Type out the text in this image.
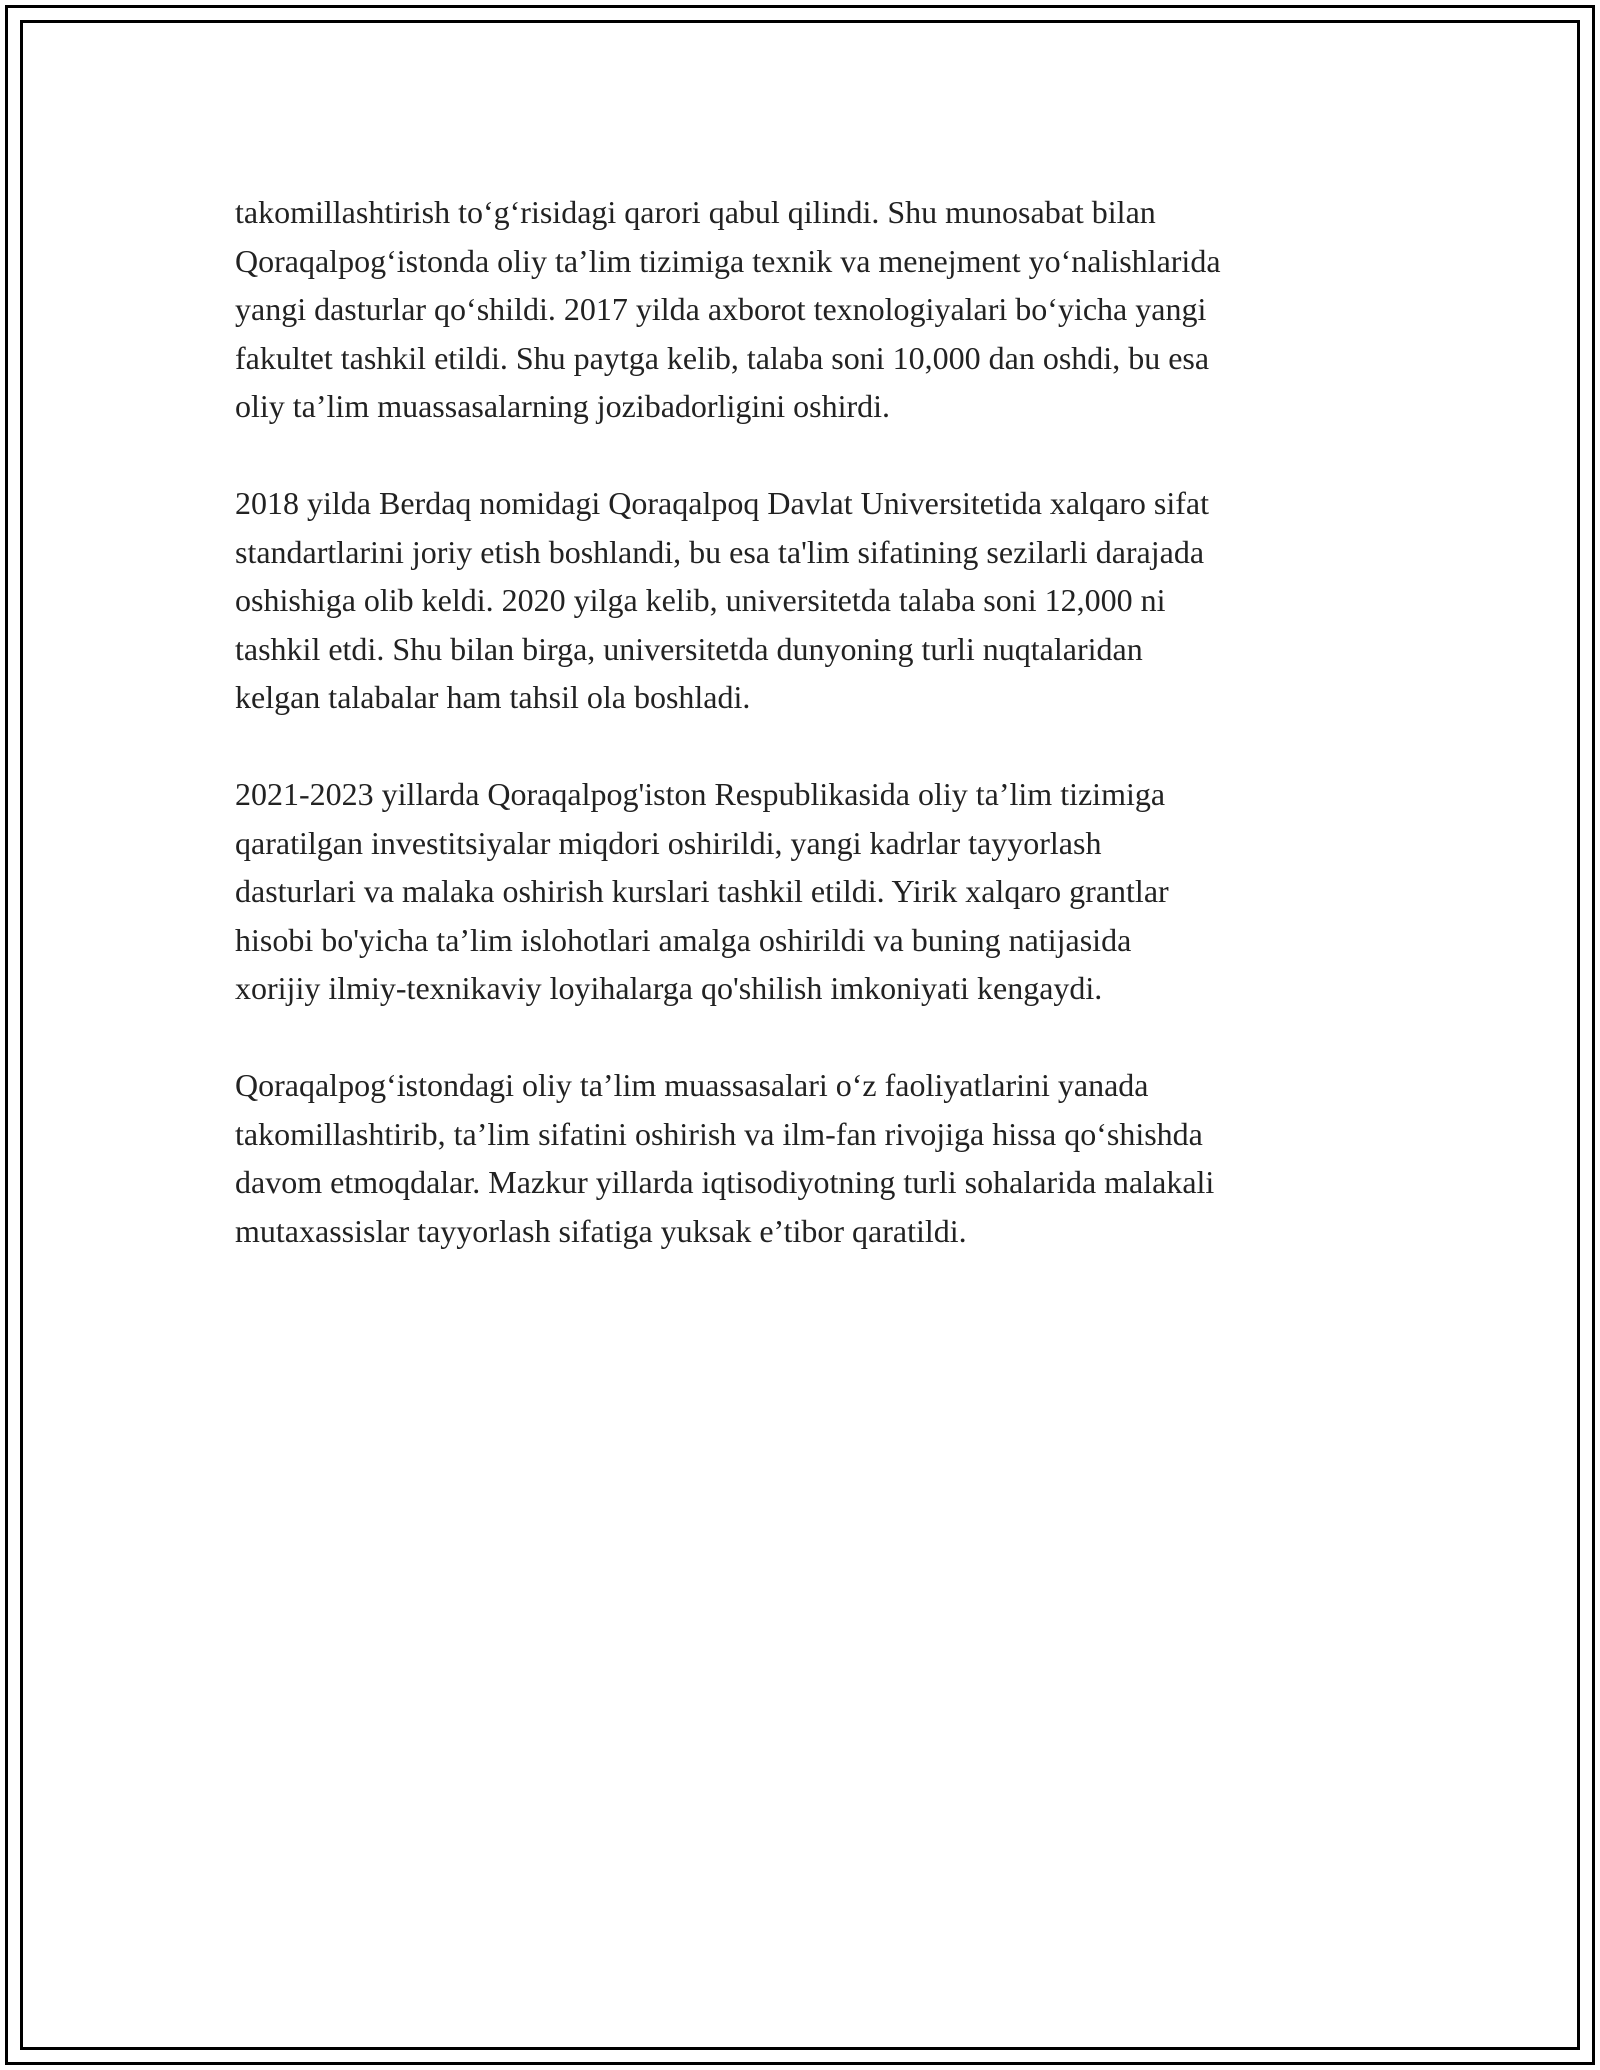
takomillashtirish to‘g‘risidagi qarori qabul qilindi. Shu munosabat bilan
Qoraqalpog‘istonda oliy ta’lim tizimiga texnik va menejment yo‘nalishlarida
yangi dasturlar qo‘shildi. 2017 yilda axborot texnologiyalari bo‘yicha yangi
fakultet tashkil etildi. Shu paytga kelib, talaba soni 10,000 dan oshdi, bu esa
oliy ta’lim muassasalarning jozibadorligini oshirdi.

2018 yilda Berdaq nomidagi Qoraqalpoq Davlat Universitetida xalqaro sifat
standartlarini joriy etish boshlandi, bu esa ta'lim sifatining sezilarli darajada
oshishiga olib keldi. 2020 yilga kelib, universitetda talaba soni 12,000 ni
tashkil etdi. Shu bilan birga, universitetda dunyoning turli nuqtalaridan
kelgan talabalar ham tahsil ola boshladi.

2021-2023 yillarda Qoraqalpog'iston Respublikasida oliy ta’lim tizimiga
qaratilgan investitsiyalar miqdori oshirildi, yangi kadrlar tayyorlash
dasturlari va malaka oshirish kurslari tashkil etildi. Yirik xalqaro grantlar
hisobi bo'yicha ta’lim islohotlari amalga oshirildi va buning natijasida
xorijiy ilmiy-texnikaviy loyihalarga qo'shilish imkoniyati kengaydi.

Qoraqalpog‘istondagi oliy ta’lim muassasalari o‘z faoliyatlarini yanada
takomillashtirib, ta’lim sifatini oshirish va ilm-fan rivojiga hissa qo‘shishda
davom etmoqdalar. Mazkur yillarda iqtisodiyotning turli sohalarida malakali
mutaxassislar tayyorlash sifatiga yuksak e’tibor qaratildi.
